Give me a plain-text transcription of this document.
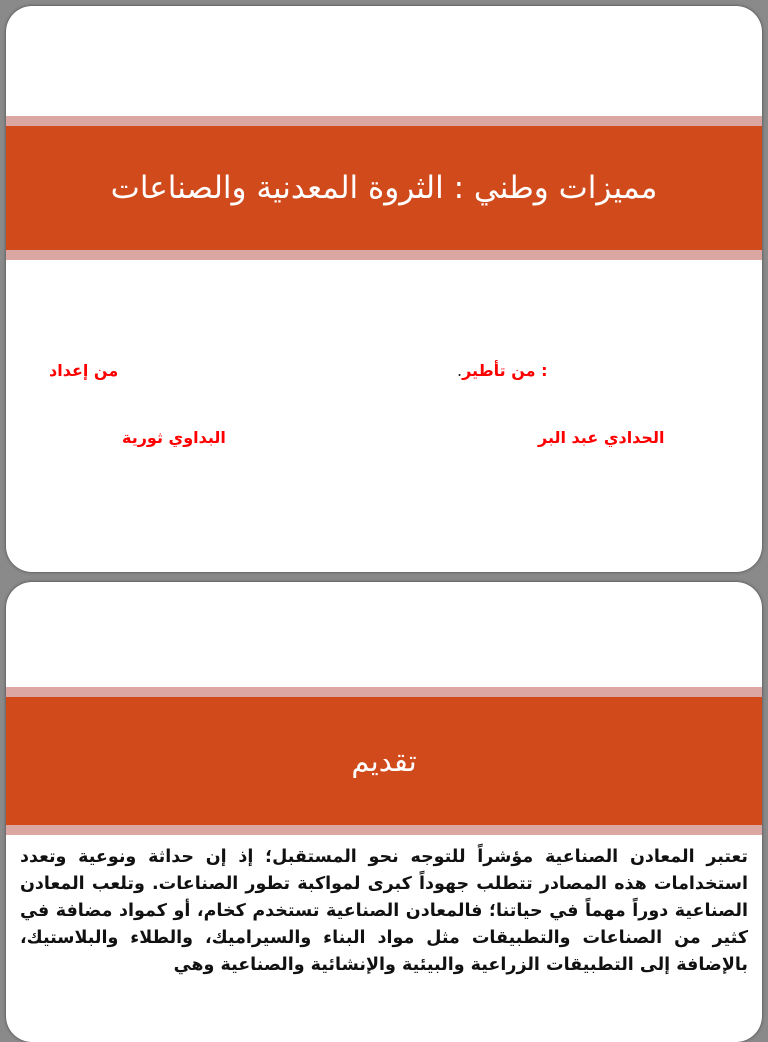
مميزات وطني : الثروة المعدنية والصناعات
: من تأطير.
من إعداد
الحدادي عبد البر
البداوي ثورية
تقديم
تعتبر المعادن الصناعية مؤشراً للتوجه نحو المستقبل؛ إذ إن حداثة ونوعية وتعدد استخدامات هذه المصادر تتطلب جهوداً كبرى لمواكبة تطور الصناعات. وتلعب المعادن الصناعية دوراً مهماً في حياتنا؛ فالمعادن الصناعية تستخدم كخام، أو كمواد مضافة في كثير من الصناعات والتطبيقات مثل مواد البناء والسيراميك، والطلاء والبلاستيك، بالإضافة إلى التطبيقات الزراعية والبيئية والإنشائية والصناعية وهي
